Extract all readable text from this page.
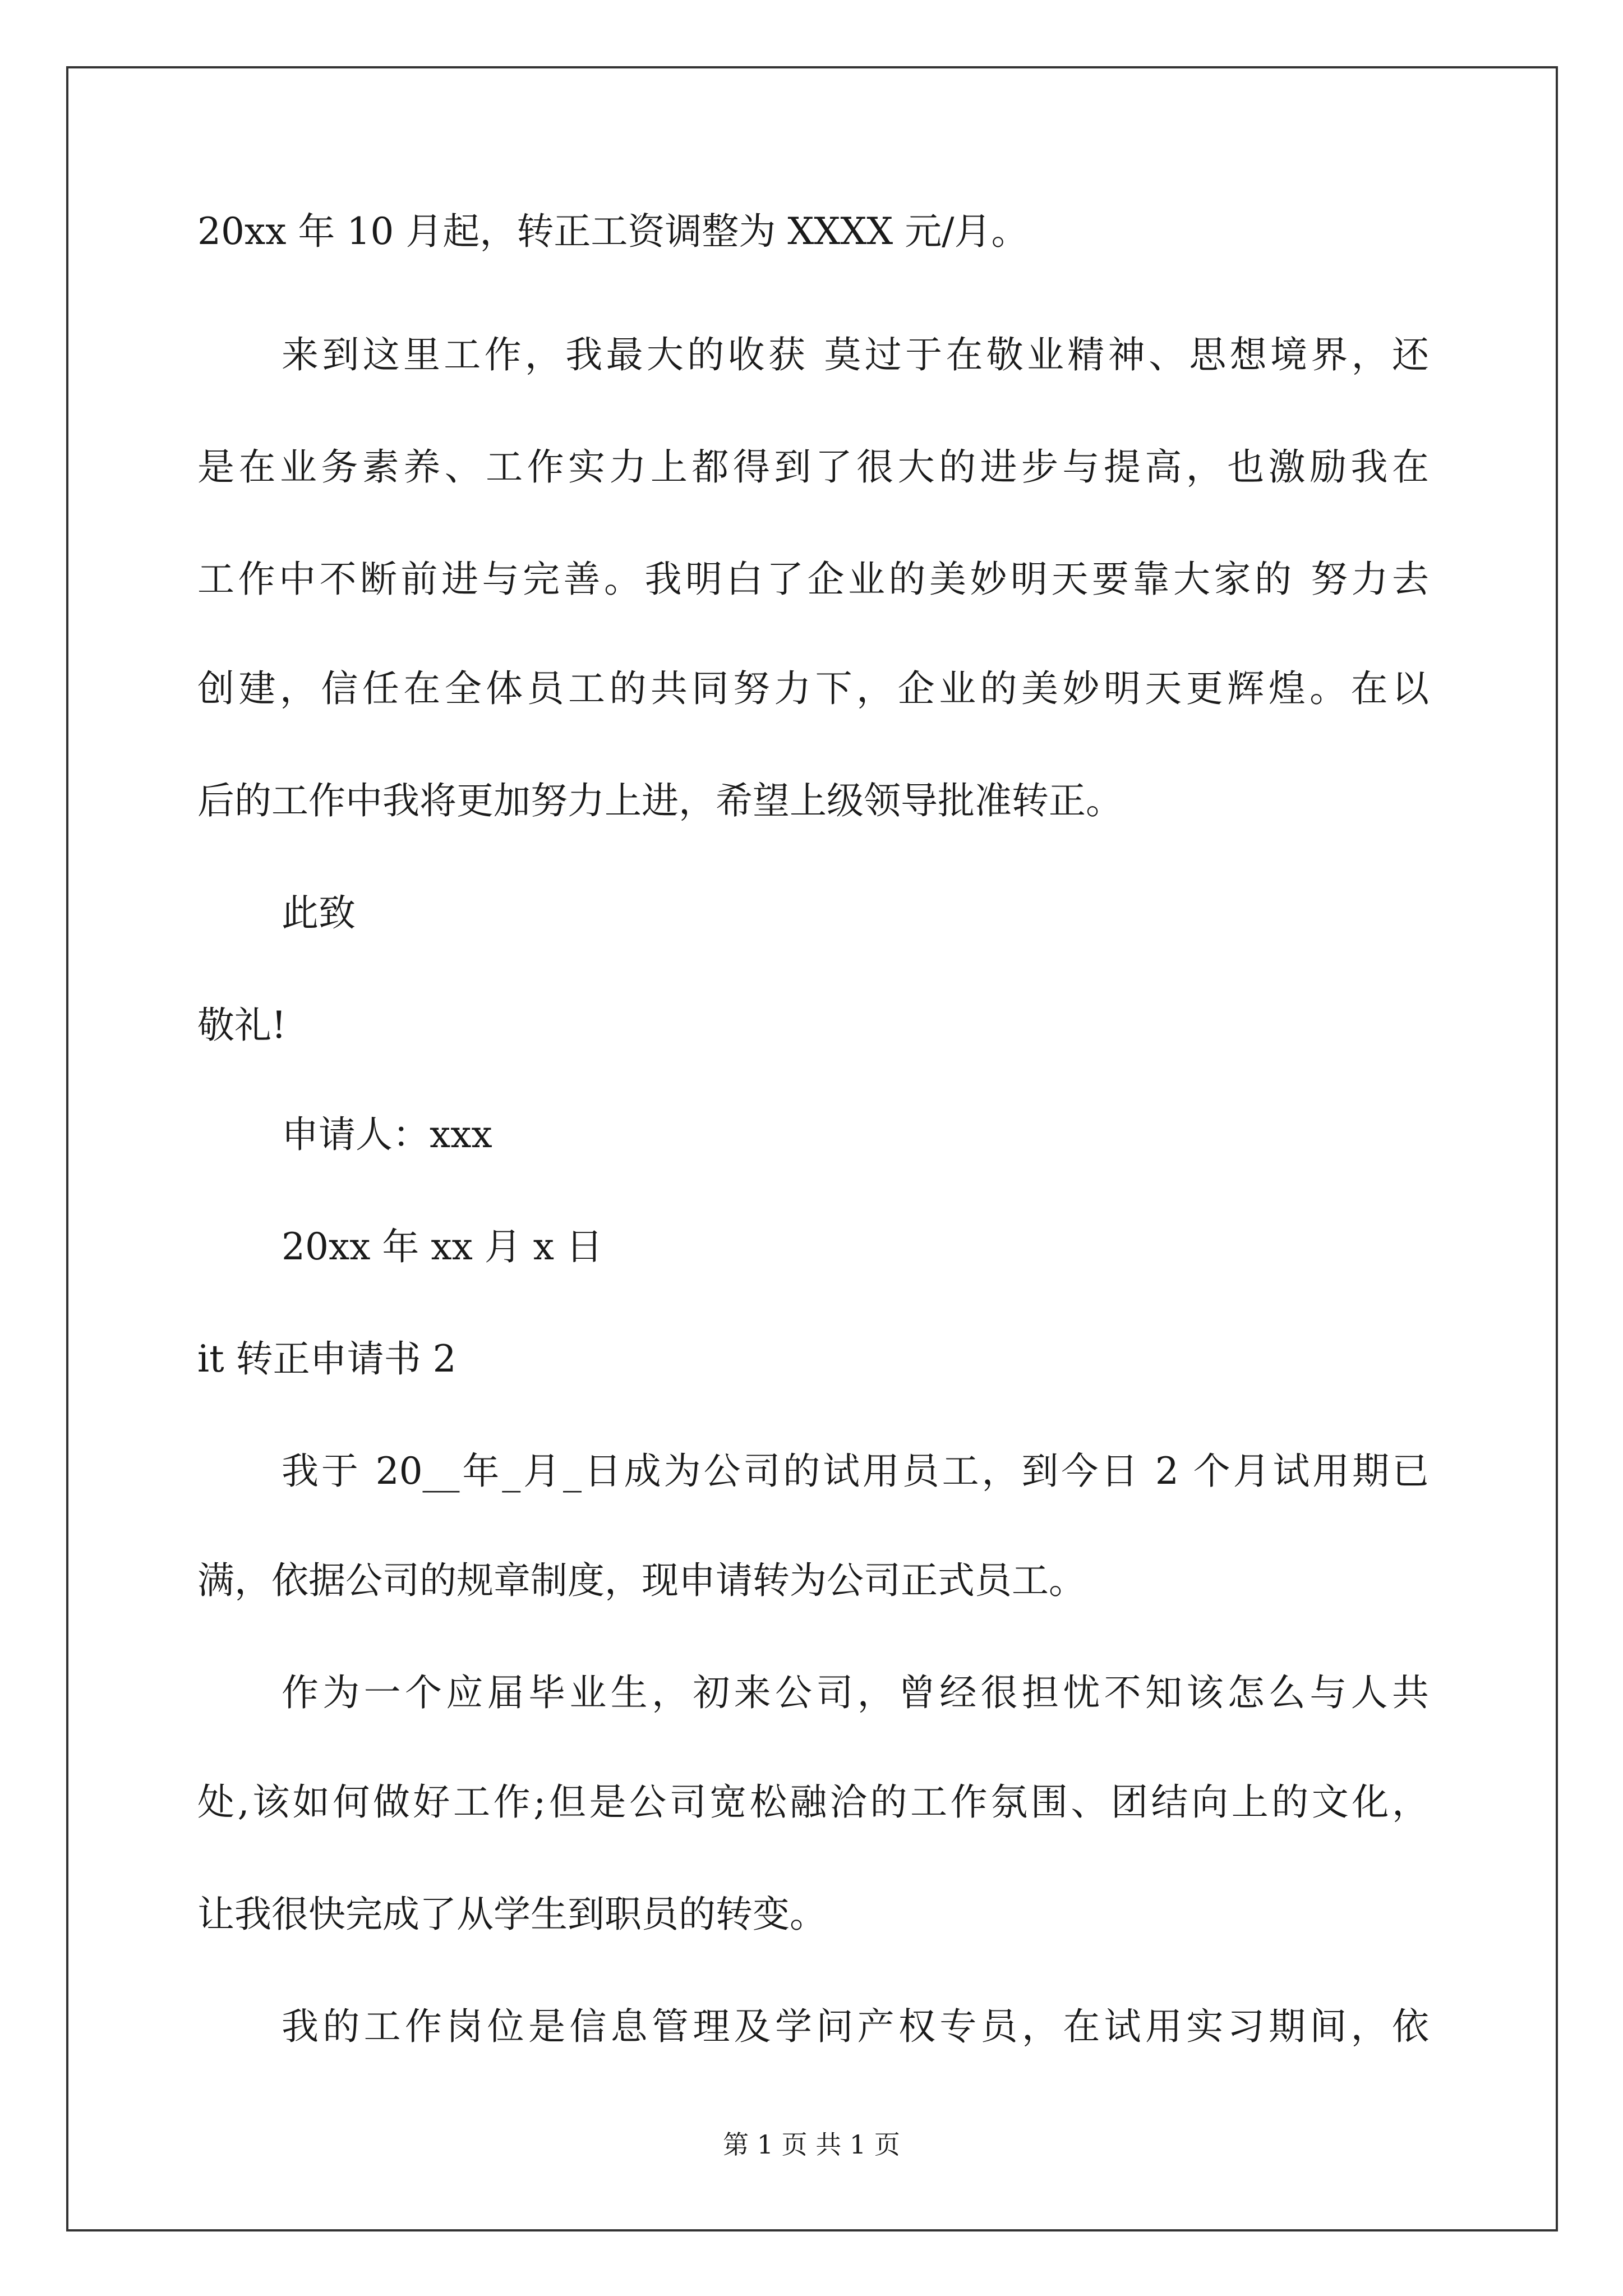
20xx 年 10 月起，转正工资调整为 XXXX 元/月。
来到这里工作，我最大的收获 莫过于在敬业精神、思想境界，还
是在业务素养、工作实力上都得到了很大的进步与提高，也激励我在
工作中不断前进与完善。我明白了企业的美妙明天要靠大家的 努力去
创建，信任在全体员工的共同努力下，企业的美妙明天更辉煌。在以
后的工作中我将更加努力上进，希望上级领导批准转正。
此致
敬礼!
申请人：xxx
20xx 年 xx 月 x 日
it 转正申请书 2
我于 20__年_月_日成为公司的试用员工，到今日 2 个月试用期已
满，依据公司的规章制度，现申请转为公司正式员工。
作为一个应届毕业生，初来公司，曾经很担忧不知该怎么与人共
处,该如何做好工作;但是公司宽松融洽的工作氛围、团结向上的文化，
让我很快完成了从学生到职员的转变。
我的工作岗位是信息管理及学问产权专员，在试用实习期间，依
第 1 页 共 1 页
